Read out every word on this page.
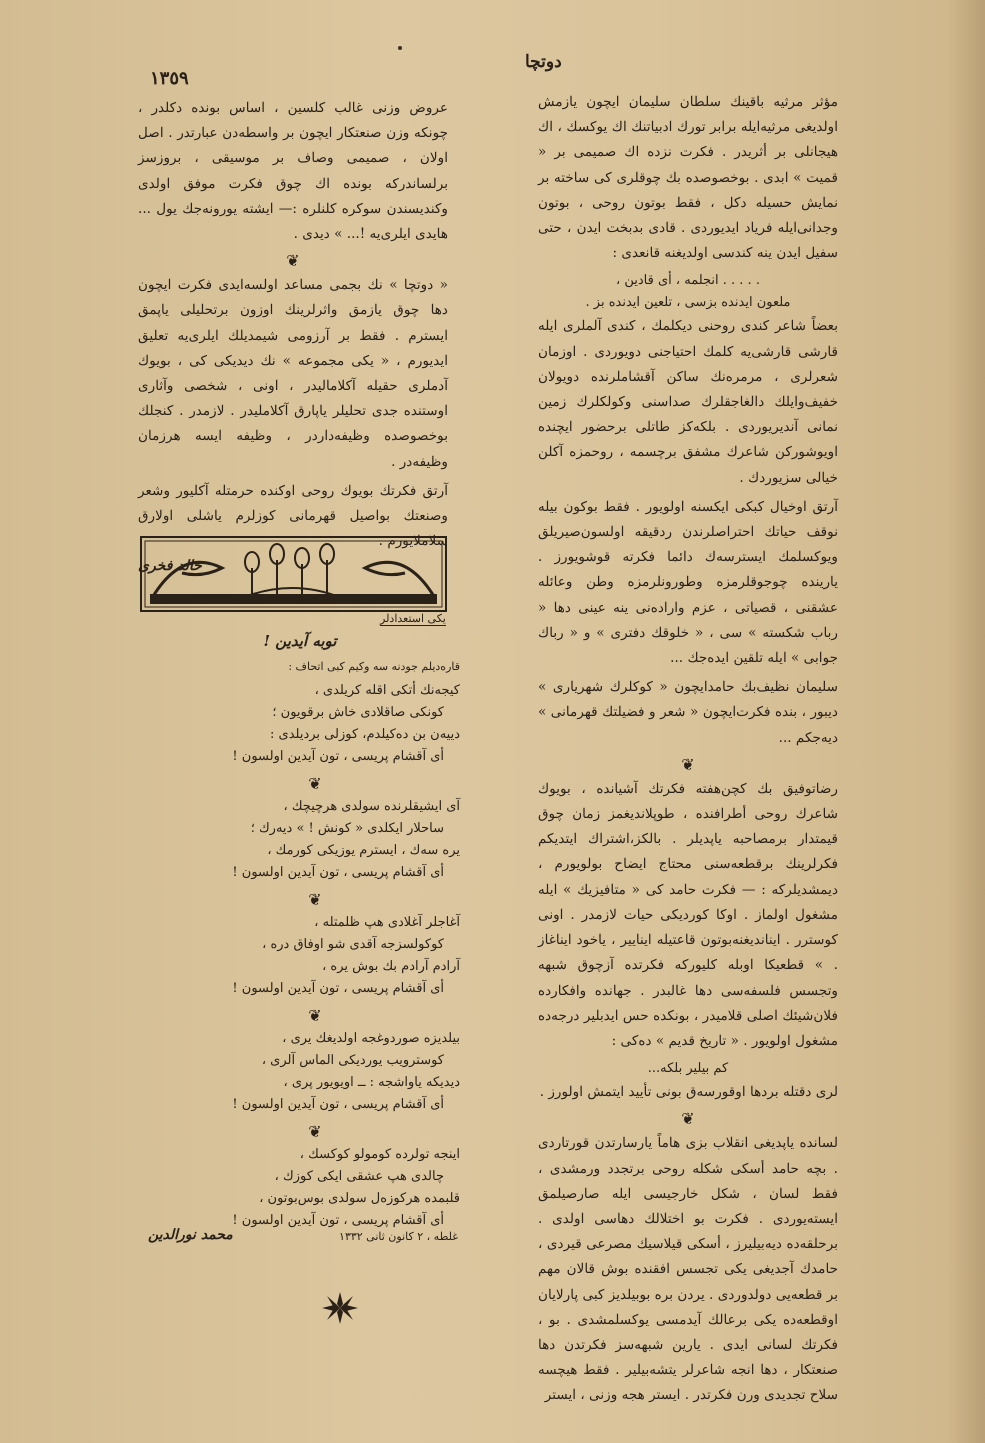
دوتچا
١٣٥٩

مؤثر مرثیه باقینك سلطان سلیمان ایچون یازمش اولدیغی مرثیه‌ایله برابر تورك ادبیاتنك اك یوكسك ، اك هیجانلی بر أثریدر . فکرت نزده اك صمیمی بر « قمیت » ابدی . بوخصوصده بك چوقلری كی ساخته بر نمایش حسیله دكل ، فقط بوتون روحی ، بوتون وجدانی‌ایله فریاد ایدیوردی . قادی بدبخت ایدن ، حتی سفیل ایدن ینه كندسی اولدیغنه قانعدی :

. . . . . انجلمه ، أی قادین ،

ملعون ایدنده بزسی ، تلعین ایدنده بز .

بعضاً شاعر كندی روحنی دیكلمك ، كندی آلملری ایله قارشی قارشی‌یه كلمك احتیاجنی دویوردی . اوزمان شعرلری ، مرمره‌نك ساكن آقشاملرنده دویولان خفیف‌وایلك دالغاجقلرك صداسنی وكولكلرك زمین نمانی آندیریوردی . بلکه‌کز طاتلی برحضور ایچنده اویوشورکن شاعرك مشفق برچسمه ، روحمزه آکلن خیالی سزیوردك .

آرتق اوخیال كبکی ایکسنه اولویور . فقط بوکون بیله نوقف حیاتك احتراصلرندن ردقیقه اولسون‌صیریلق ویوكسلمك ایسترسه‌ك دائما فکرته قوشویورز . یارینده چوجوقلرمزه وطورونلرمزه وطن وعائله عشقنی ، قصیاتی ، عزم وارادەنی ینه عینی دها « رباب شكسته » سی ، « خلوقك دفتری » و « رباك جوابی » ایله تلقین ایده‌جك ...

سلیمان نظیف‌بك حامدایچون « كوكلرك شهریاری » دیبور ، بنده فکرت‌ایچون « شعر و فضیلتك قهرمانی » دیه‌جکم ...

❦

رضاتوفیق بك کچن‌هفته فکرتك آشیانده ، بویوك شاعرك روحی أطرافنده ، طوپلاندیغمز زمان چوق قیمتدار برمصاحبه یاپدیلر . بالکز،اشتراك ایتدیکم فکرلرینك برقطعه‌سنی محتاج ایضاح بولویورم ، دیمشدیلرکه : — فکرت حامد كی « متافیزیك » ایله مشغول اولماز . اوكا كوردیکی حیات لازمدر . اونی كوسترر . ایناندیغنه‌بوتون قاعتیله ایناییر ، یاخود ایناغاز . » قطعیكا اوبله كلیورکه فکرتده آزچوق شبهه وتجسس فلسفه‌سی دها غالبدر . جهانده وافکارده فلان‌شیئك اصلی قلامیدر ، بونکده حس ایدبلیر درجه‌ده مشغول اولویور . « تاریخ‌ قدیم » ده‌کی :

كم بیلیر بلکه...

لری دقتله بردها اوقورسەق بونی تأیید ایتمش اولورز .

❦

لسانده یاپدیغی انقلاب بزی هاماً یارسارتدن قورتاردی . بچه حامد أسکی شکله روحی برتجدد ورمشدی ، فقط لسان ، شکل خارجیسی ایله صارصیلمق ایسته‌یوردی . فکرت بو اختلالك دهاسی اولدی . برحلقه‌ده دیه‌بیلیرز ، أسکی قیلاسیك مصرعی قیردی ، حامدك آجدیغی یکی تجسس افقنده بوش قالان مهم بر قطعه‌یی دولدوردی . یردن بره بوبیلدیز کبی پارلایان اوقطعه‌ده یکی برعالك آیدمسی یوكسلمشدی . بو ، فکرتك لسانی ایدی . یارین شبهه‌سز فکرتدن دها صنعتكار ، دها انجه شاعرلر یتشه‌بیلیر . فقط هیچسه سلاح تجدیدی ورن فکرتدر . ایستر هجه وزنی ، ایستر

عروض وزنی غالب كلسین ، اساس بونده دكلدر ، چونکه وزن صنعتكار ایچون بر واسطه‌دن عبارتدر . اصل اولان ، صمیمی وصاف بر موسیقی ، بروزسز برلساندرکه بونده اك چوق فکرت موفق اولدی وكندیسندن سوكره كلنلره :— ایشته یورونه‌جك یول ... هایدی ایلری‌یه !... » دیدی .

❦

« دوتچا » نك بجمی مساعد اولسه‌ایدی فکرت ایچون دها چوق یازمق واثرلرینك اوزون برتحلیلی یاپمق ایسترم . فقط بر آرزومی شیمدیلك ایلری‌یه تعلیق ایدیورم ، « یکی مجموعه » نك دیدیکی كی ، بویوك آدملری حقیله آكلامالیدر ، اونی ، شخصی وآثاری اوستنده جدی تحلیلر یاپارق آكلاملیدر . لازمدر . کنجلك بوخصوصده وظیفه‌داردر ، وظیفه ایسه هرزمان وظیفه‌در .

آرتق فکرتك بویوك روحی اوکنده حرمتله آكلیور وشعر وصنعتك بواصیل قهرمانی کوزلرم یاشلی اولارق سلاملایورم .

خالد فخری
یکی استعدادلر
توبه آیدین !
قاره‌دیلم جودنه سه وکیم کبی اتحاف :

کیجه‌نك أتکی اقله کریلدی ،

کونکی صاقلادی خاش برقویون ؛

دییه‌ن بن ده‌کیلدم، کوزلی بردیلدی :

أی آقشام پریسی ، تون آیدین اولسون !

❦

آی ایشیقلرنده سولدی هرچیچك ،

ساحلار ایکلدی « کونش ! » دیه‌رك ؛

یره سه‌ك ، ایسترم یوزیکی کورمك ،

أی آقشام پریسی ، تون آیدین اولسون !

❦

آغاجلر آغلادی هپ ظلمتله ،

کوکولسزجه آقدی شو اوفاق دره ،

آرادم آرادم بك بوش یره ،

أی آقشام پریسی ، تون آیدین اولسون !

❦

بیلدیزه صوردوغجه اولدیغك یری ،

کوسترویب یوردیکی الماس آلری ،

دیدیکه یاواشجه : ــ اویویور پری ،

أی آقشام پریسی ، تون آیدین اولسون !

❦

اینجه تولرده کومولو کوکسك ،

چالدی هپ عشقی ایکی کوزك ،

قلبمده هرکوزەل سولدی بوس‌بوتون ،

أی آقشام پریسی ، تون آیدین اولسون !

غلطه ، ۲ کانون ثانی ۱۳۳۲
محمد نورالدین
